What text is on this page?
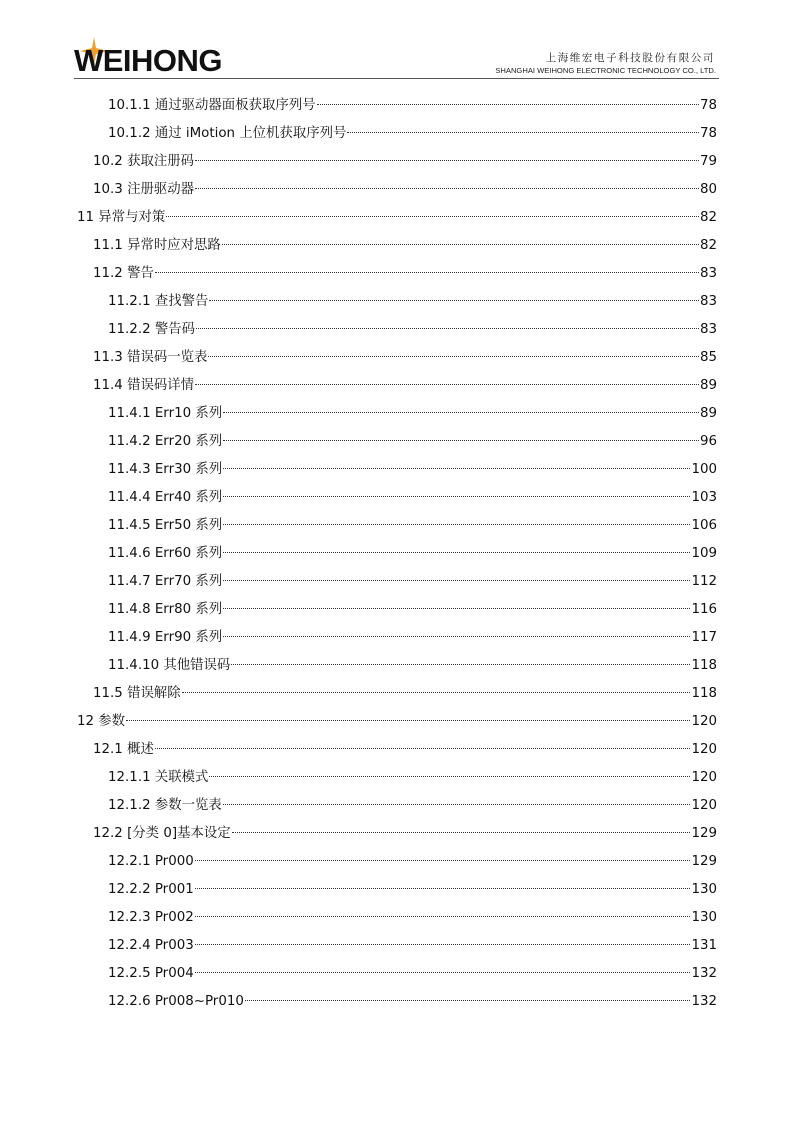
WEIHONG	上海维宏电子科技股份有限公司
SHANGHAI WEIHONG ELECTRONIC TECHNOLOGY CO., LTD.
10.1.1 通过驱动器面板获取序列号	78
10.1.2 通过 iMotion 上位机获取序列号	78
10.2 获取注册码	79
10.3 注册驱动器	80
11 异常与对策	82
11.1 异常时应对思路	82
11.2 警告	83
11.2.1 查找警告	83
11.2.2 警告码	83
11.3 错误码一览表	85
11.4 错误码详情	89
11.4.1 Err10 系列	89
11.4.2 Err20 系列	96
11.4.3 Err30 系列	100
11.4.4 Err40 系列	103
11.4.5 Err50 系列	106
11.4.6 Err60 系列	109
11.4.7 Err70 系列	112
11.4.8 Err80 系列	116
11.4.9 Err90 系列	117
11.4.10 其他错误码	118
11.5 错误解除	118
12 参数	120
12.1 概述	120
12.1.1 关联模式	120
12.1.2 参数一览表	120
12.2 [分类 0]基本设定	129
12.2.1 Pr000	129
12.2.2 Pr001	130
12.2.3 Pr002	130
12.2.4 Pr003	131
12.2.5 Pr004	132
12.2.6 Pr008~Pr010	132
